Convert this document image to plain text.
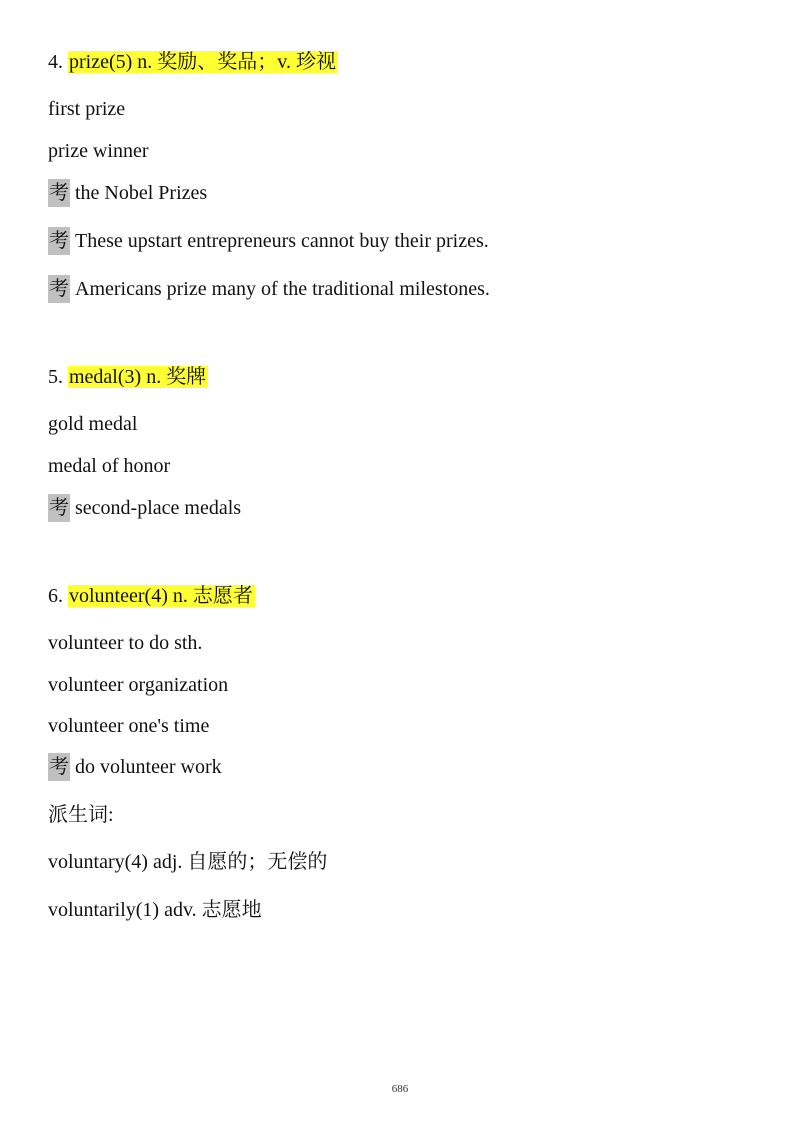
4. prize(5) n. 奖励、奖品；v. 珍视
first prize
prize winner
考 the Nobel Prizes
考 These upstart entrepreneurs cannot buy their prizes.
考 Americans prize many of the traditional milestones.
5. medal(3) n. 奖牌
gold medal
medal of honor
考 second-place medals
6. volunteer(4) n. 志愿者
volunteer to do sth.
volunteer organization
volunteer one's time
考 do volunteer work
派生词:
voluntary(4) adj. 自愿的；无偿的
voluntarily(1) adv. 志愿地
686
